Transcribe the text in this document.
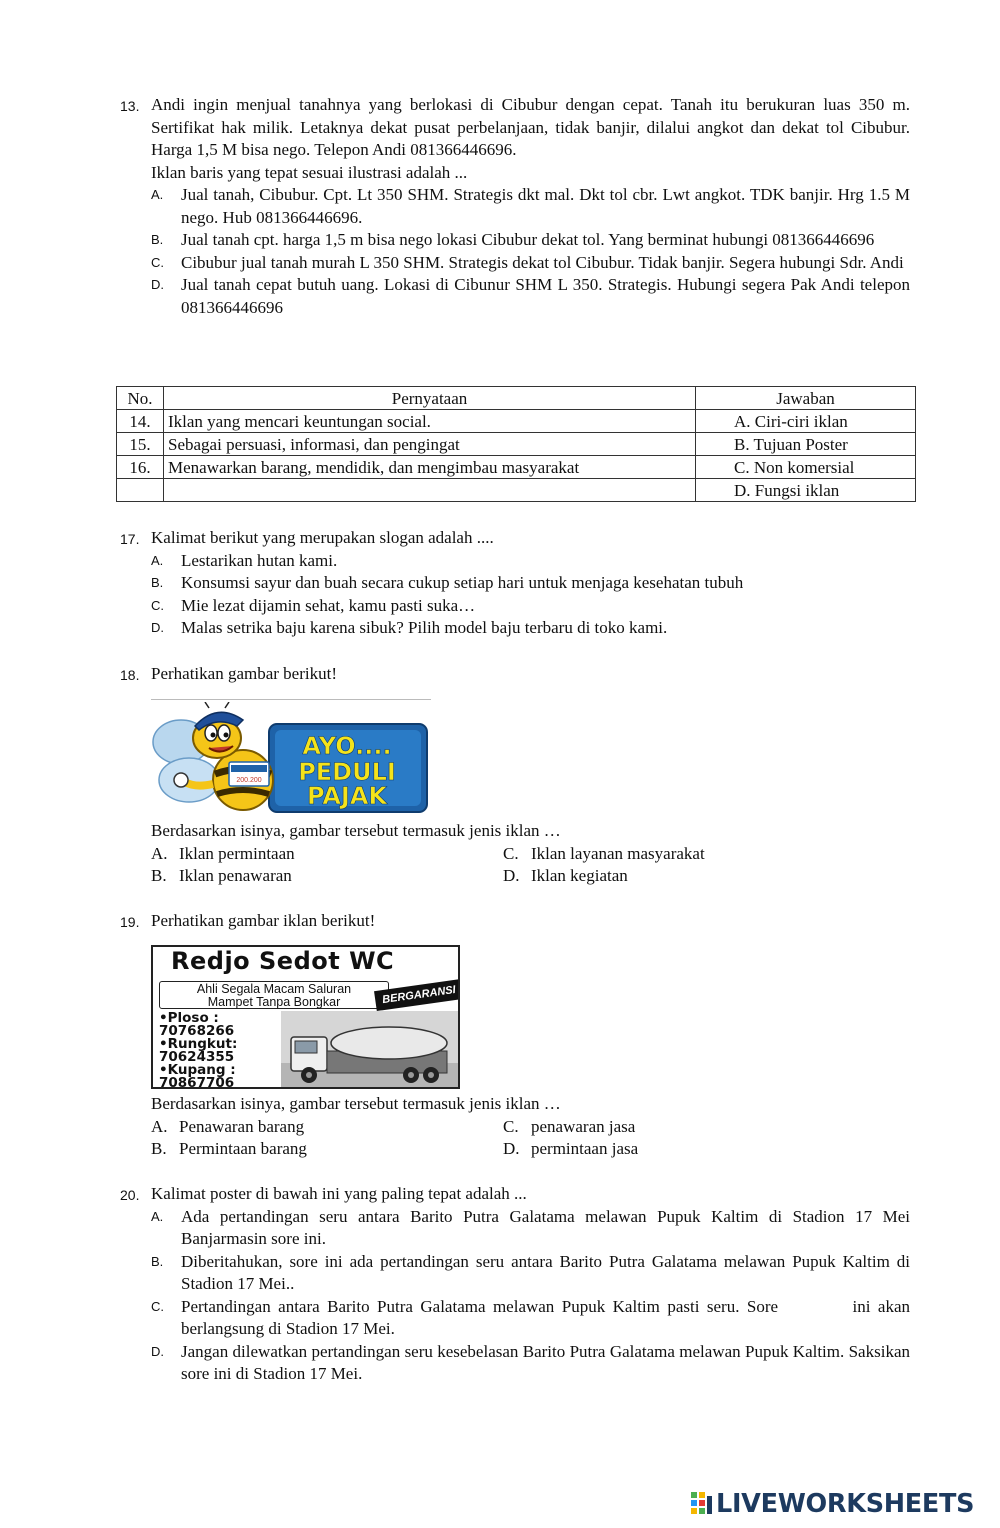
13. Andi ingin menjual tanahnya yang berlokasi di Cibubur dengan cepat. Tanah itu berukuran luas 350 m. Sertifikat hak milik. Letaknya dekat pusat perbelanjaan, tidak banjir, dilalui angkot dan dekat tol Cibubur. Harga 1,5 M bisa nego. Telepon Andi 081366446696.
Iklan baris yang tepat sesuai ilustrasi adalah ...
A. Jual tanah, Cibubur. Cpt. Lt 350 SHM. Strategis dkt mal. Dkt tol cbr. Lwt angkot. TDK banjir. Hrg 1.5 M nego. Hub 081366446696.
B. Jual tanah cpt. harga 1,5 m bisa nego lokasi Cibubur dekat tol. Yang berminat hubungi 081366446696
C. Cibubur jual tanah murah L 350 SHM. Strategis dekat tol Cibubur. Tidak banjir. Segera hubungi Sdr. Andi
D. Jual tanah cepat butuh uang. Lokasi di Cibunur SHM L 350. Strategis. Hubungi segera Pak Andi telepon 081366446696
No.	Pernyataan	Jawaban
14.	Iklan yang mencari keuntungan social.	A. Ciri-ciri iklan
15.	Sebagai persuasi, informasi, dan pengingat	B. Tujuan Poster
16.	Menawarkan barang, mendidik, dan mengimbau masyarakat	C. Non komersial
		D. Fungsi iklan
17. Kalimat berikut yang merupakan slogan adalah ....
A. Lestarikan hutan kami.
B. Konsumsi sayur dan buah secara cukup setiap hari untuk menjaga kesehatan tubuh
C. Mie lezat dijamin sehat, kamu pasti suka…
D. Malas setrika baju karena sibuk? Pilih model baju terbaru di toko kami.
18. Perhatikan gambar berikut!
200.200
AYO....
PEDULI
PAJAK
Berdasarkan isinya, gambar tersebut termasuk jenis iklan …
A. Iklan permintaan	C. Iklan layanan masyarakat
B. Iklan penawaran	D. Iklan kegiatan
19. Perhatikan gambar iklan berikut!
Redjo Sedot WC
Ahli Segala Macam Saluran
Mampet Tanpa Bongkar	BERGARANSI
•Ploso :
70768266
•Rungkut:
70624355
•Kupang :
70867706
Berdasarkan isinya, gambar tersebut termasuk jenis iklan …
A. Penawaran barang	C. penawaran jasa
B. Permintaan barang	D. permintaan jasa
20. Kalimat poster di bawah ini yang paling tepat adalah ...
A. Ada pertandingan seru antara Barito Putra Galatama melawan Pupuk Kaltim di Stadion 17 Mei Banjarmasin sore ini.
B. Diberitahukan, sore ini ada pertandingan seru antara Barito Putra Galatama melawan Pupuk Kaltim di Stadion 17 Mei..
C. Pertandingan antara Barito Putra Galatama melawan Pupuk Kaltim pasti seru. Sore          ini akan berlangsung di Stadion 17 Mei.
D. Jangan dilewatkan pertandingan seru kesebelasan Barito Putra Galatama melawan Pupuk Kaltim. Saksikan sore ini di Stadion 17 Mei.
LIVEWORKSHEETS
